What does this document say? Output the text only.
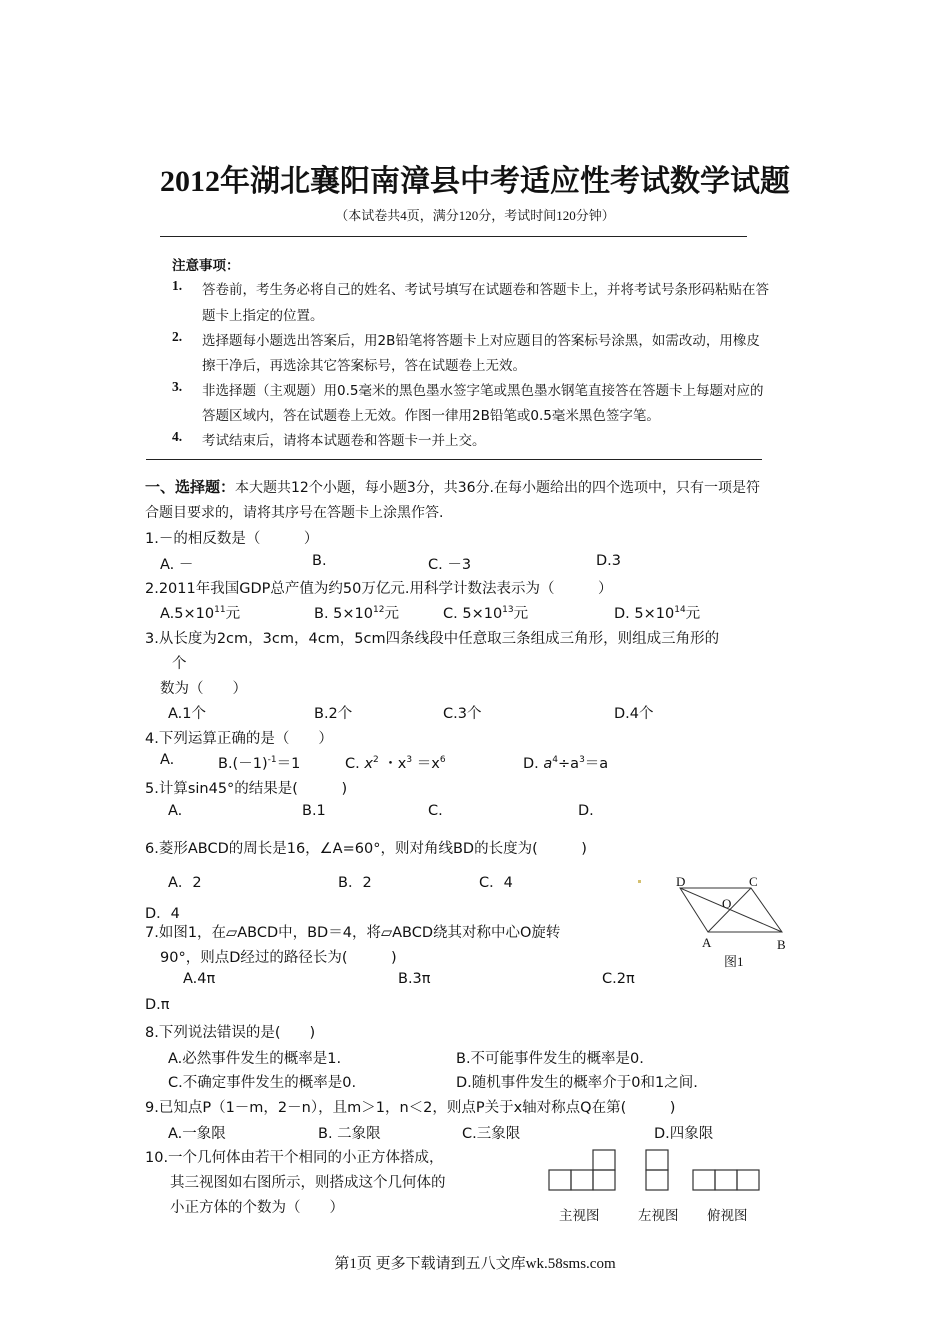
2012年湖北襄阳南漳县中考适应性考试数学试题
（本试卷共4页，满分120分，考试时间120分钟）
注意事项：
1. 答卷前，考生务必将自己的姓名、考试号填写在试题卷和答题卡上，并将考试号条形码粘贴在答
题卡上指定的位置。
2. 选择题每小题选出答案后，用2B铅笔将答题卡上对应题目的答案标号涂黑，如需改动，用橡皮
擦干净后，再选涂其它答案标号，答在试题卷上无效。
3. 非选择题（主观题）用0.5毫米的黑色墨水签字笔或黑色墨水钢笔直接答在答题卡上每题对应的
答题区域内，答在试题卷上无效。作图一律用2B铅笔或0.5毫米黑色签字笔。
4. 考试结束后，请将本试题卷和答题卡一并上交。
一、选择题：本大题共12个小题，每小题3分，共36分.在每小题给出的四个选项中，只有一项是符
合题目要求的，请将其序号在答题卡上涂黑作答.
1.－的相反数是（　　　）
A. －	B.	C. －3	D.3
2.2011年我国GDP总产值为约50万亿元.用科学计数法表示为（　　　）
$A.5\times 10^{11}$元	B. $5\times 10^{12}$元	C. $5\times 10^{13}$元	D. $5\times 10^{14}$元
3.从长度为2cm，3cm，4cm，5cm四条线段中任意取三条组成三角形，则组成三角形的
个
数为（　　）
A.1个	B.2个	C.3个	D.4个
4.下列运算正确的是（　　）
A.	$B.(-1)^{-1}=1$	C. $x^2$ ・$x^3 =x^6$	D. $a^4\div a^3=a$
5.计算sin45°的结果是(　　　)
A.	B.1	C.	D.
6.菱形ABCD的周长是16，∠A=60°，则对角线BD的长度为(　　　)
A．2	B．2	C．4
D．4
7.如图1，在▱ABCD中，BD＝4，将▱ABCD绕其对称中心O旋转
90°，则点D经过的路径长为(　　　)
A.4π	B.3π	C.2π
D.π
D	C
O
A	B
图1
8.下列说法错误的是(　　)
A.必然事件发生的概率是1.	B.不可能事件发生的概率是0.
C.不确定事件发生的概率是0.	D.随机事件发生的概率介于0和1之间.
9.已知点P（1－m，2－n），且m＞1，n＜2，则点P关于x轴对称点Q在第(　　　)
A.一象限	B. 二象限	C.三象限	D.四象限
10.一个几何体由若干个相同的小正方体搭成，
其三视图如右图所示，则搭成这个几何体的
小正方体的个数为（　　）	主视图	左视图 俯视图
第1页 更多下载请到五八文库wk.58sms.com
